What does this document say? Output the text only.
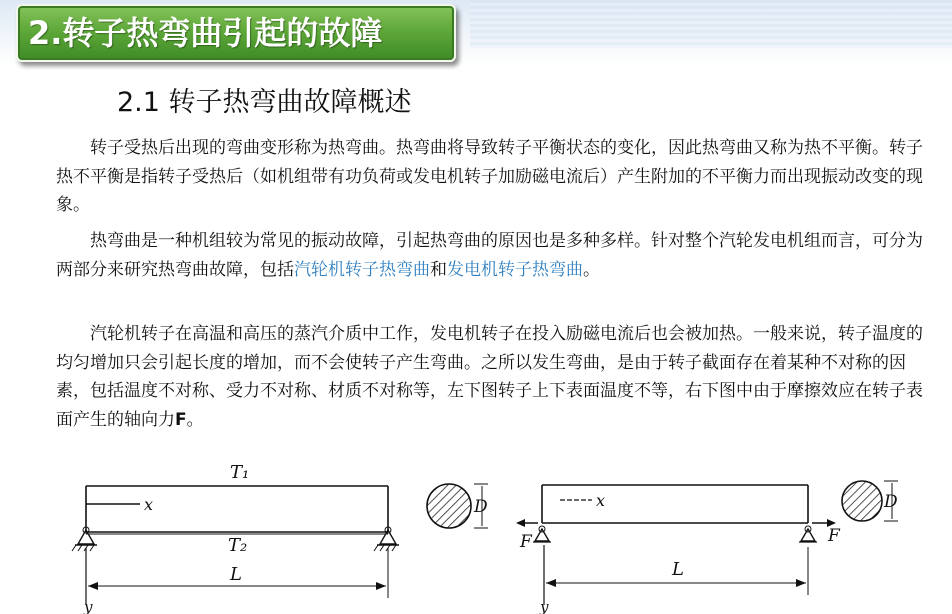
2.转子热弯曲引起的故障
2.1 转子热弯曲故障概述

转子受热后出现的弯曲变形称为热弯曲。热弯曲将导致转子平衡状态的变化，因此热弯曲又称为热不平衡。转子热不平衡是指转子受热后（如机组带有功负荷或发电机转子加励磁电流后）产生附加的不平衡力而出现振动改变的现象。

热弯曲是一种机组较为常见的振动故障，引起热弯曲的原因也是多种多样。针对整个汽轮发电机组而言，可分为两部分来研究热弯曲故障，包括汽轮机转子热弯曲和发电机转子热弯曲。

汽轮机转子在高温和高压的蒸汽介质中工作，发电机转子在投入励磁电流后也会被加热。一般来说，转子温度的均匀增加只会引起长度的增加，而不会使转子产生弯曲。之所以发生弯曲，是由于转子截面存在着某种不对称的因素，包括温度不对称、受力不对称、材质不对称等，左下图转子上下表面温度不等，右下图中由于摩擦效应在转子表面产生的轴向力F。

T₁
x
T₂
y
L
D	x
F	F
y
L
D
